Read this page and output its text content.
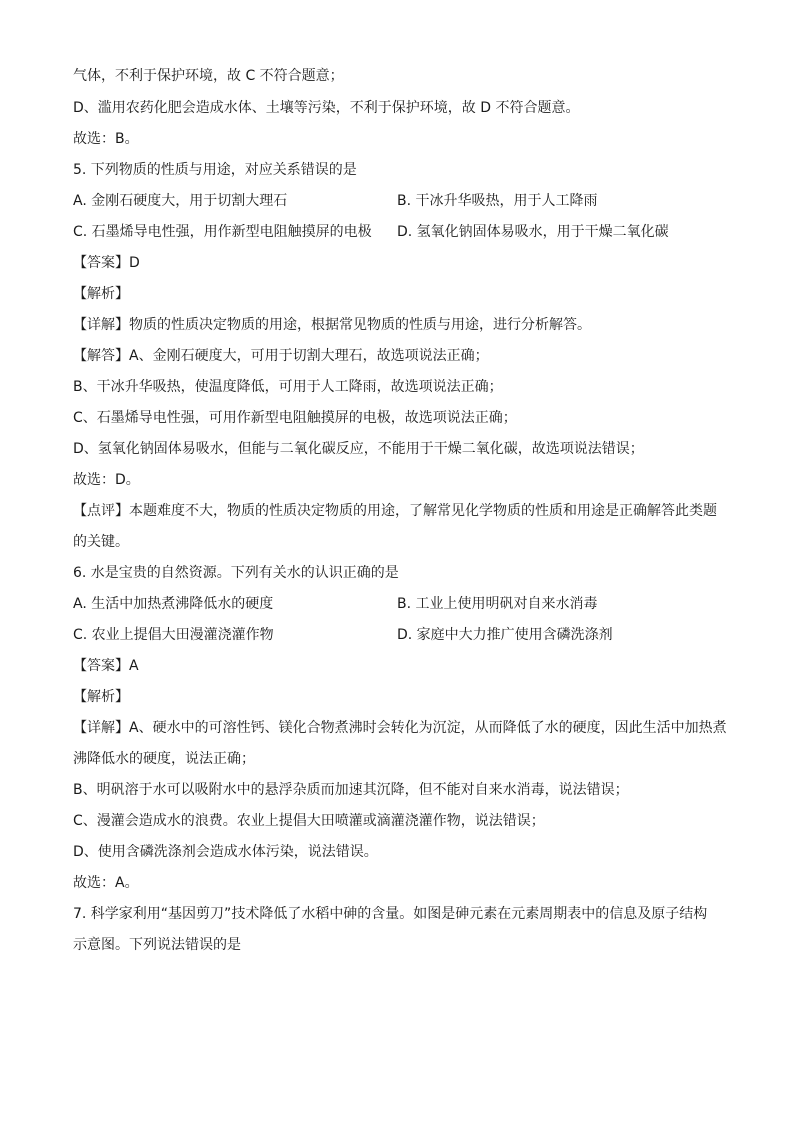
气体，不利于保护环境，故 C 不符合题意；
D、滥用农药化肥会造成水体、土壤等污染，不利于保护环境，故 D 不符合题意。
故选：B。
5. 下列物质的性质与用途，对应关系错误的是
A. 金刚石硬度大，用于切割大理石	B. 干冰升华吸热，用于人工降雨
C. 石墨烯导电性强，用作新型电阻触摸屏的电极 D. 氢氧化钠固体易吸水，用于干燥二氧化碳
【答案】D
【解析】
【详解】物质的性质决定物质的用途，根据常见物质的性质与用途，进行分析解答。
【解答】A、金刚石硬度大，可用于切割大理石，故选项说法正确；
B、干冰升华吸热，使温度降低，可用于人工降雨，故选项说法正确；
C、石墨烯导电性强，可用作新型电阻触摸屏的电极，故选项说法正确；
D、氢氧化钠固体易吸水，但能与二氧化碳反应，不能用于干燥二氧化碳，故选项说法错误；
故选：D。
【点评】本题难度不大，物质的性质决定物质的用途，了解常见化学物质的性质和用途是正确解答此类题
的关键。
6. 水是宝贵的自然资源。下列有关水的认识正确的是
A. 生活中加热煮沸降低水的硬度	B. 工业上使用明矾对自来水消毒
C. 农业上提倡大田漫灌浇灌作物	D. 家庭中大力推广使用含磷洗涤剂
【答案】A
【解析】
【详解】A、硬水中的可溶性钙、镁化合物煮沸时会转化为沉淀，从而降低了水的硬度，因此生活中加热煮
沸降低水的硬度，说法正确；
B、明矾溶于水可以吸附水中的悬浮杂质而加速其沉降，但不能对自来水消毒，说法错误；
C、漫灌会造成水的浪费。农业上提倡大田喷灌或滴灌浇灌作物，说法错误；
D、使用含磷洗涤剂会造成水体污染，说法错误。
故选：A。
7. 科学家利用“基因剪刀”技术降低了水稻中砷的含量。如图是砷元素在元素周期表中的信息及原子结构
示意图。下列说法错误的是
